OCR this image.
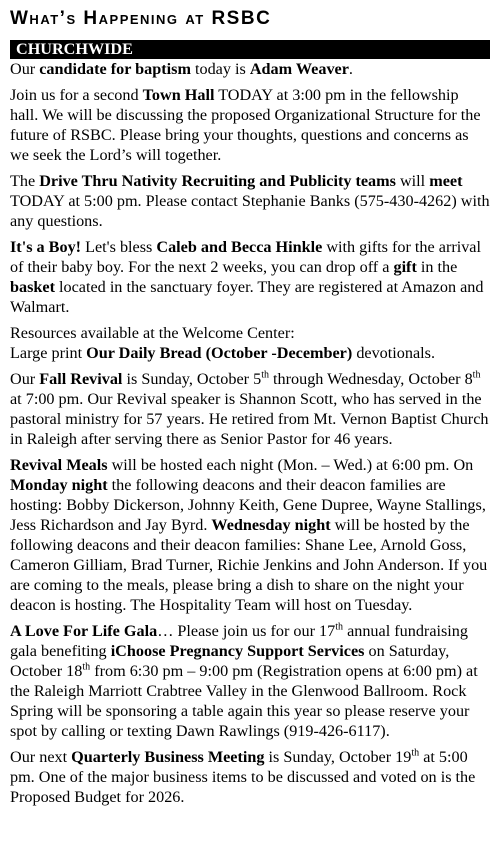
What’s Happening at RSBC
CHURCHWIDE

Our candidate for baptism today is Adam Weaver.

Join us for a second Town Hall TODAY at 3:00 pm in the fellowship hall. We will be discussing the proposed Organizational Structure for the future of RSBC. Please bring your thoughts, questions and concerns as we seek the Lord’s will together.

The Drive Thru Nativity Recruiting and Publicity teams will meet TODAY at 5:00 pm. Please contact Stephanie Banks (575-430-4262) with any questions.

It's a Boy! Let's bless Caleb and Becca Hinkle with gifts for the arrival of their baby boy. For the next 2 weeks, you can drop off a gift in the basket located in the sanctuary foyer. They are registered at Amazon and Walmart.

Resources available at the Welcome Center:
Large print Our Daily Bread (October -December) devotionals.

Our Fall Revival is Sunday, October 5th through Wednesday, October 8th at 7:00 pm. Our Revival speaker is Shannon Scott, who has served in the pastoral ministry for 57 years. He retired from Mt. Vernon Baptist Church in Raleigh after serving there as Senior Pastor for 46 years.

Revival Meals will be hosted each night (Mon. – Wed.) at 6:00 pm. On Monday night the following deacons and their deacon families are hosting: Bobby Dickerson, Johnny Keith, Gene Dupree, Wayne Stallings, Jess Richardson and Jay Byrd. Wednesday night will be hosted by the following deacons and their deacon families: Shane Lee, Arnold Goss, Cameron Gilliam, Brad Turner, Richie Jenkins and John Anderson. If you are coming to the meals, please bring a dish to share on the night your deacon is hosting. The Hospitality Team will host on Tuesday.

A Love For Life Gala… Please join us for our 17th annual fundraising gala benefiting iChoose Pregnancy Support Services on Saturday, October 18th from 6:30 pm – 9:00 pm (Registration opens at 6:00 pm) at the Raleigh Marriott Crabtree Valley in the Glenwood Ballroom. Rock Spring will be sponsoring a table again this year so please reserve your spot by calling or texting Dawn Rawlings (919-426-6117).

Our next Quarterly Business Meeting is Sunday, October 19th at 5:00 pm. One of the major business items to be discussed and voted on is the Proposed Budget for 2026.
